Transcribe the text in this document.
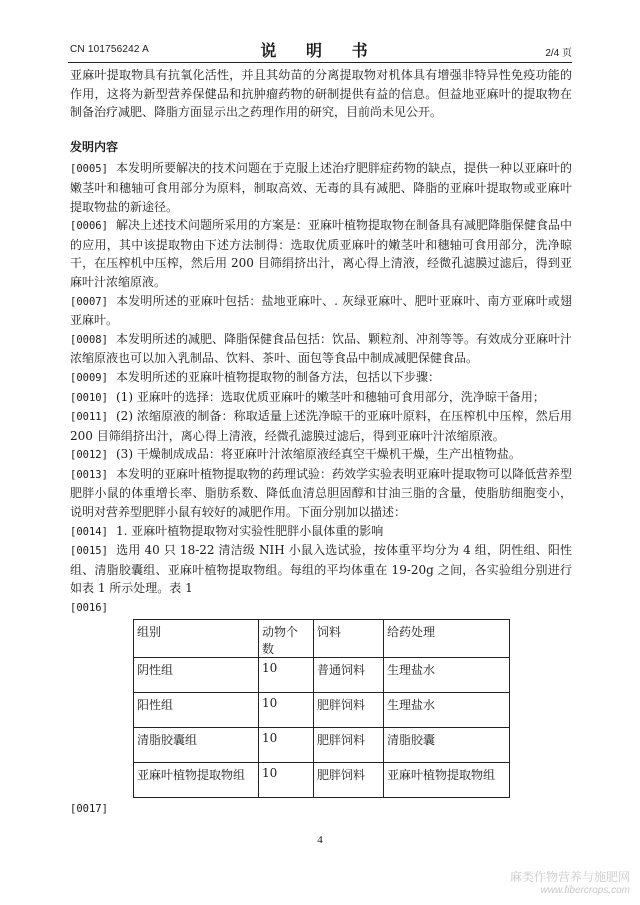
CN 101756242 A	说 明 书	2/4 页

亚麻叶提取物具有抗氧化活性，并且其幼苗的分离提取物对机体具有增强非特异性免疫功能的作用，这将为新型营养保健品和抗肿瘤药物的研制提供有益的信息。但益地亚麻叶的提取物在制备治疗减肥、降脂方面显示出之药理作用的研究，目前尚未见公开。

发明内容

[0005] 本发明所要解决的技术问题在于克服上述治疗肥胖症药物的缺点，提供一种以亚麻叶的嫩茎叶和穗轴可食用部分为原料，制取高效、无毒的具有减肥、降脂的亚麻叶提取物或亚麻叶提取物盐的新途径。

[0006] 解决上述技术问题所采用的方案是：亚麻叶植物提取物在制备具有减肥降脂保健食品中的应用，其中该提取物由下述方法制得：选取优质亚麻叶的嫩茎叶和穗轴可食用部分，洗净晾干，在压榨机中压榨，然后用 200 目筛绢挤出汁，离心得上清液，经微孔滤膜过滤后，得到亚麻叶汁浓缩原液。

[0007] 本发明所述的亚麻叶包括：盐地亚麻叶、. 灰绿亚麻叶、肥叶亚麻叶、南方亚麻叶或翅亚麻叶。

[0008] 本发明所述的减肥、降脂保健食品包括：饮品、颗粒剂、冲剂等等。有效成分亚麻叶汁浓缩原液也可以加入乳制品、饮料、茶叶、面包等食品中制成减肥保健食品。

[0009] 本发明所述的亚麻叶植物提取物的制备方法，包括以下步骤：

[0010] (1) 亚麻叶的选择：选取优质亚麻叶的嫩茎叶和穗轴可食用部分，洗净晾干备用；

[0011] (2) 浓缩原液的制备：称取适量上述洗净晾干的亚麻叶原料，在压榨机中压榨，然后用 200 目筛绢挤出汁，离心得上清液，经微孔滤膜过滤后，得到亚麻叶汁浓缩原液。

[0012] (3) 干燥制成成品：将亚麻叶汁浓缩原液经真空干燥机干燥，生产出植物盐。

[0013] 本发明的亚麻叶植物提取物的药理试验：药效学实验表明亚麻叶提取物可以降低营养型肥胖小鼠的体重增长率、脂肪系数、降低血清总胆固醇和甘油三脂的含量，使脂肪细胞变小，说明对营养型肥胖小鼠有较好的减肥作用。下面分别加以描述：

[0014] 1. 亚麻叶植物提取物对实验性肥胖小鼠体重的影响

[0015] 选用 40 只 18-22 清洁级 NIH 小鼠入选试验，按体重平均分为 4 组，阴性组、阳性组、清脂胶囊组、亚麻叶植物提取物组。每组的平均体重在 19-20g 之间，各实验组分别进行如表 1 所示处理。表 1

[0016]

组别	动物个数	饲料	给药处理
阴性组	10	普通饲料	生理盐水
阳性组	10	肥胖饲料	生理盐水
清脂胶囊组	10	肥胖饲料	清脂胶囊
亚麻叶植物提取物组	10	肥胖饲料	亚麻叶植物提取物组
[0017]
4
麻类作物营养与施肥网
www.fibercrops.com
